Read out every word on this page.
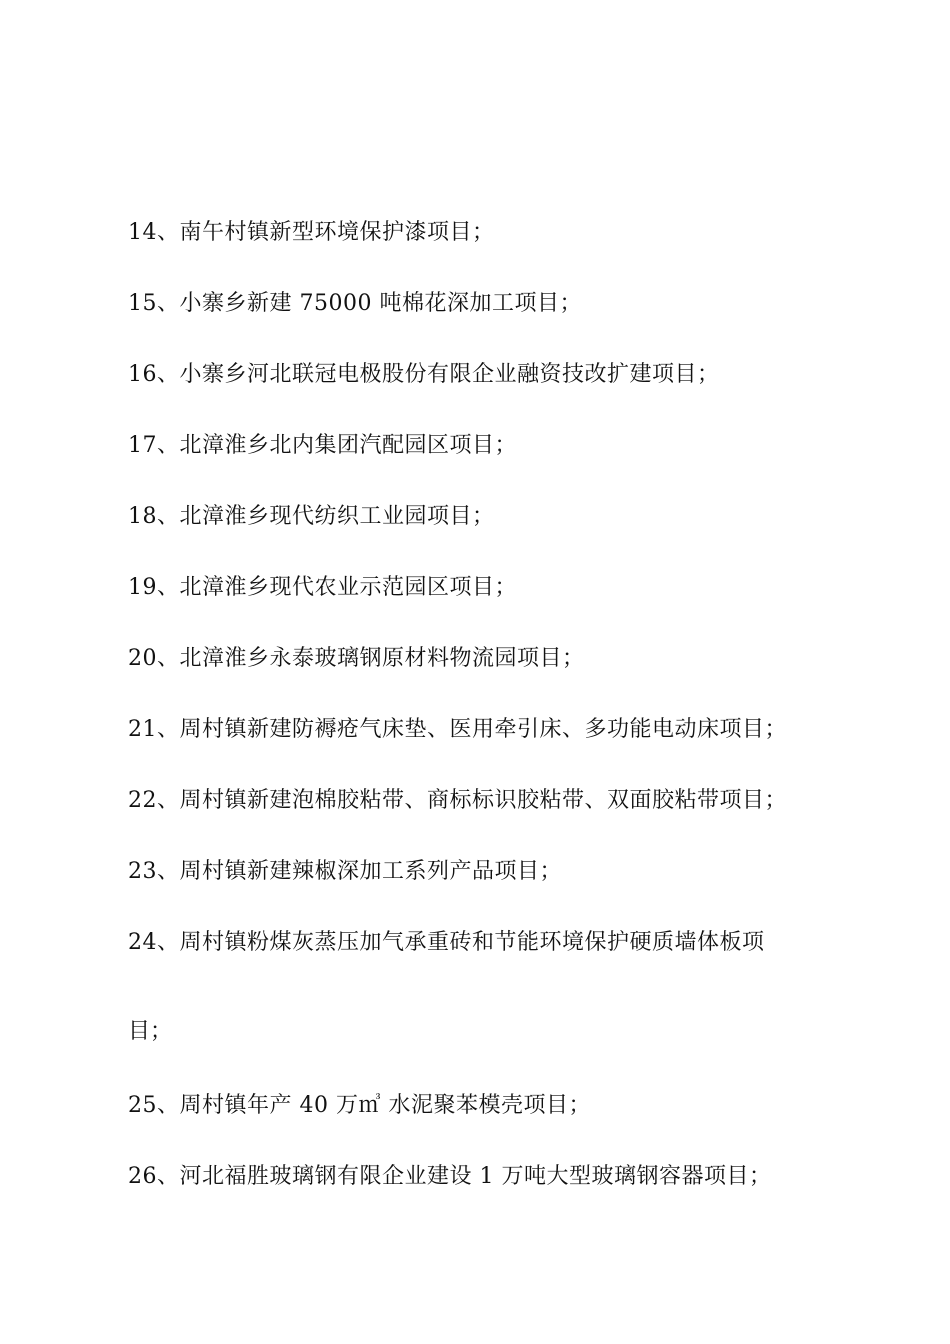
14、南午村镇新型环境保护漆项目；
15、小寨乡新建 75000 吨棉花深加工项目；
16、小寨乡河北联冠电极股份有限企业融资技改扩建项目；
17、北漳淮乡北内集团汽配园区项目；
18、北漳淮乡现代纺织工业园项目；
19、北漳淮乡现代农业示范园区项目；
20、北漳淮乡永泰玻璃钢原材料物流园项目；
21、周村镇新建防褥疮气床垫、医用牵引床、多功能电动床项目；
22、周村镇新建泡棉胶粘带、商标标识胶粘带、双面胶粘带项目；
23、周村镇新建辣椒深加工系列产品项目；
24、周村镇粉煤灰蒸压加气承重砖和节能环境保护硬质墙体板项
目；
25、周村镇年产 40 万㎥ 水泥聚苯模壳项目；
26、河北福胜玻璃钢有限企业建设 1 万吨大型玻璃钢容器项目；
